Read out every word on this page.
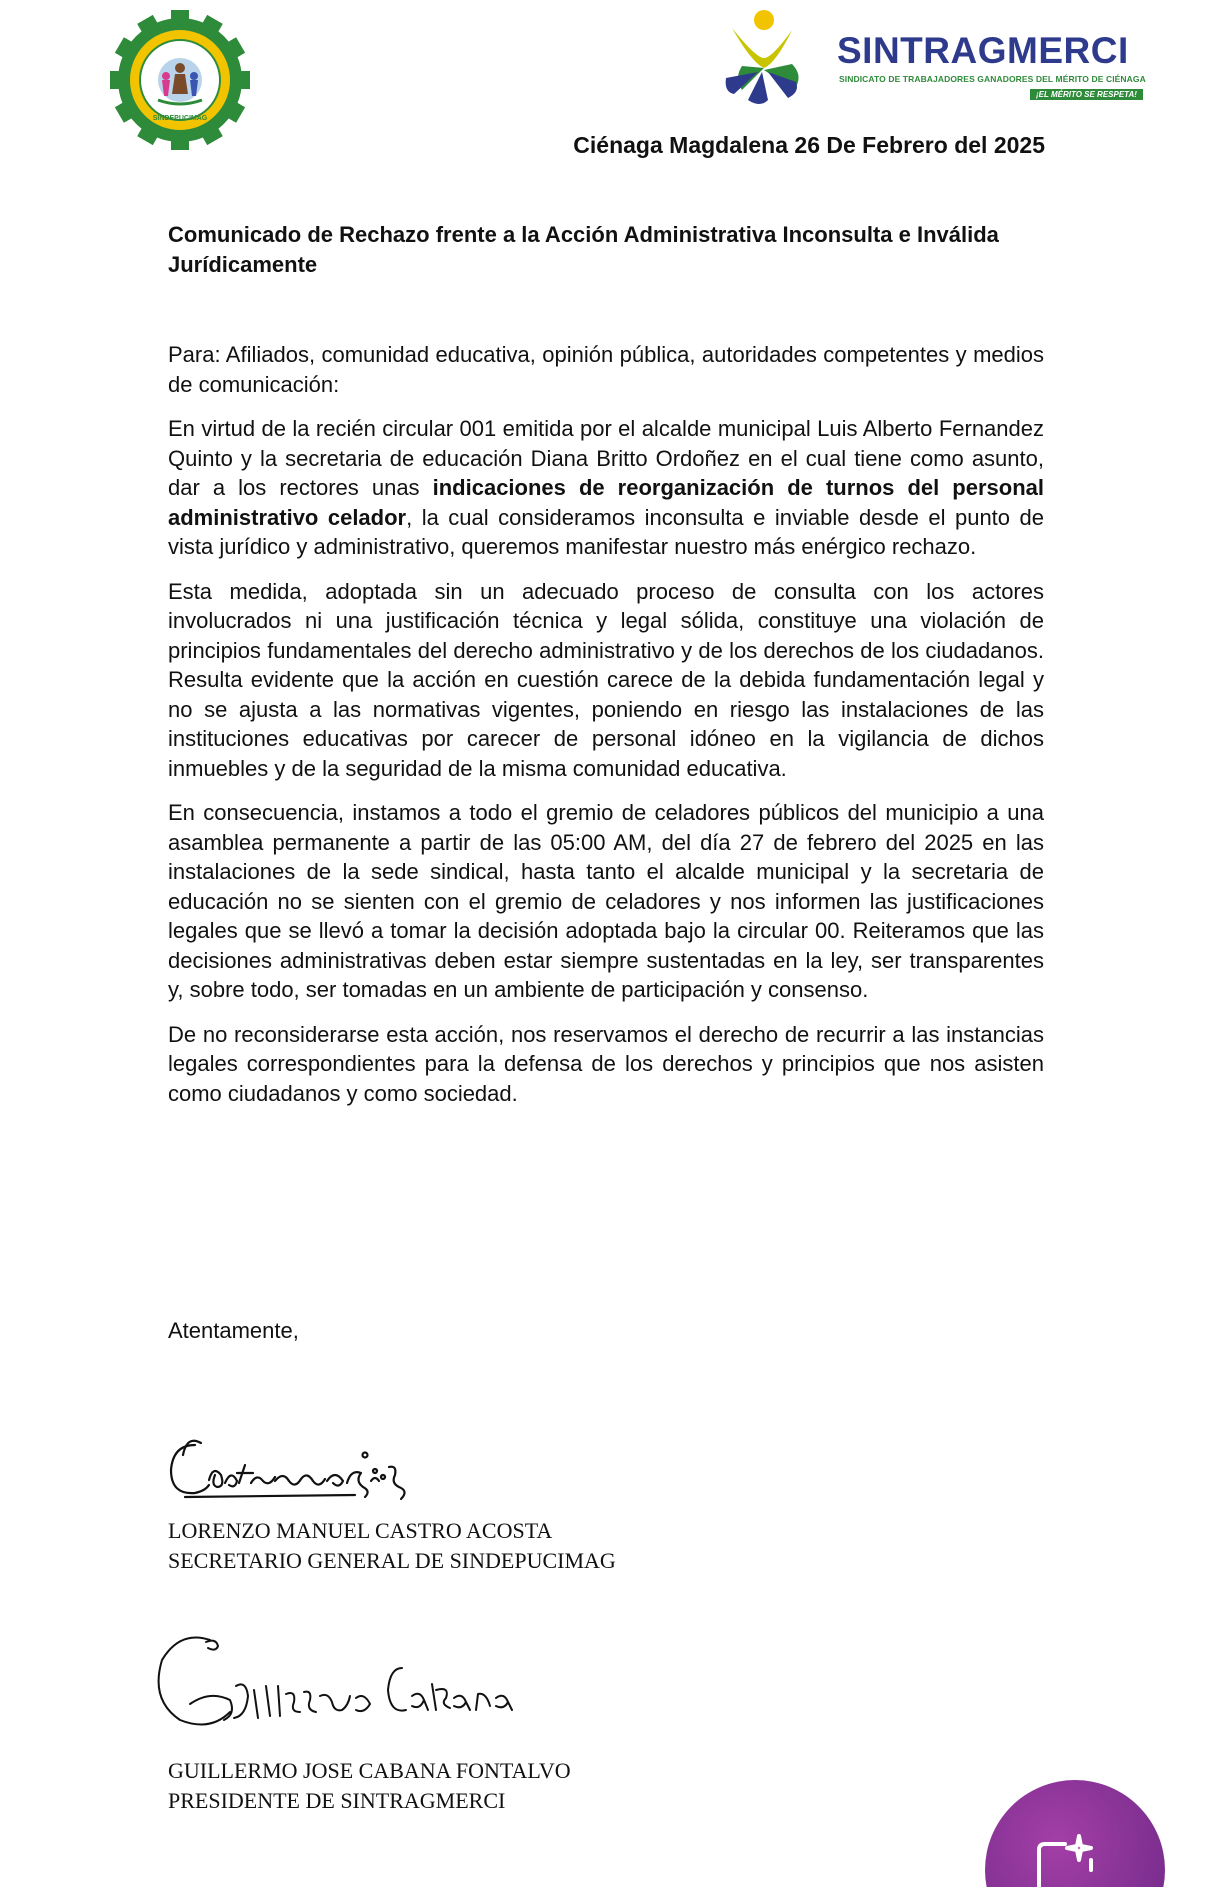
SINDEPUCIMAG
SINTRAGMERCI
SINDICATO DE TRABAJADORES GANADORES DEL MÉRITO DE CIÉNAGA
¡EL MÉRITO SE RESPETA!
Ciénaga Magdalena 26 De Febrero del 2025
Comunicado de Rechazo frente a la Acción Administrativa Inconsulta e Inválida Jurídicamente

Para: Afiliados, comunidad educativa, opinión pública, autoridades competentes y medios de comunicación:

En virtud de la recién circular 001 emitida por el alcalde municipal Luis Alberto Fernandez Quinto y la secretaria de educación Diana Britto Ordoñez en el cual tiene como asunto, dar a los rectores unas indicaciones de reorganización de turnos del personal administrativo celador, la cual consideramos inconsulta e inviable desde el punto de vista jurídico y administrativo, queremos manifestar nuestro más enérgico rechazo.

Esta medida, adoptada sin un adecuado proceso de consulta con los actores involucrados ni una justificación técnica y legal sólida, constituye una violación de principios fundamentales del derecho administrativo y de los derechos de los ciudadanos. Resulta evidente que la acción en cuestión carece de la debida fundamentación legal y no se ajusta a las normativas vigentes, poniendo en riesgo las instalaciones de las instituciones educativas por carecer de personal idóneo en la vigilancia de dichos inmuebles y de la seguridad de la misma comunidad educativa.

En consecuencia, instamos a todo el gremio de celadores públicos del municipio a una asamblea permanente a partir de las 05:00 AM, del día 27 de febrero del 2025 en las instalaciones de la sede sindical, hasta tanto el alcalde municipal y la secretaria de educación no se sienten con el gremio de celadores y nos informen las justificaciones legales que se llevó a tomar la decisión adoptada bajo la circular 00. Reiteramos que las decisiones administrativas deben estar siempre sustentadas en la ley, ser transparentes y, sobre todo, ser tomadas en un ambiente de participación y consenso.

De no reconsiderarse esta acción, nos reservamos el derecho de recurrir a las instancias legales correspondientes para la defensa de los derechos y principios que nos asisten como ciudadanos y como sociedad.

Atentamente,
LORENZO MANUEL CASTRO ACOSTA
SECRETARIO GENERAL DE SINDEPUCIMAG
GUILLERMO JOSE CABANA FONTALVO
PRESIDENTE DE SINTRAGMERCI
